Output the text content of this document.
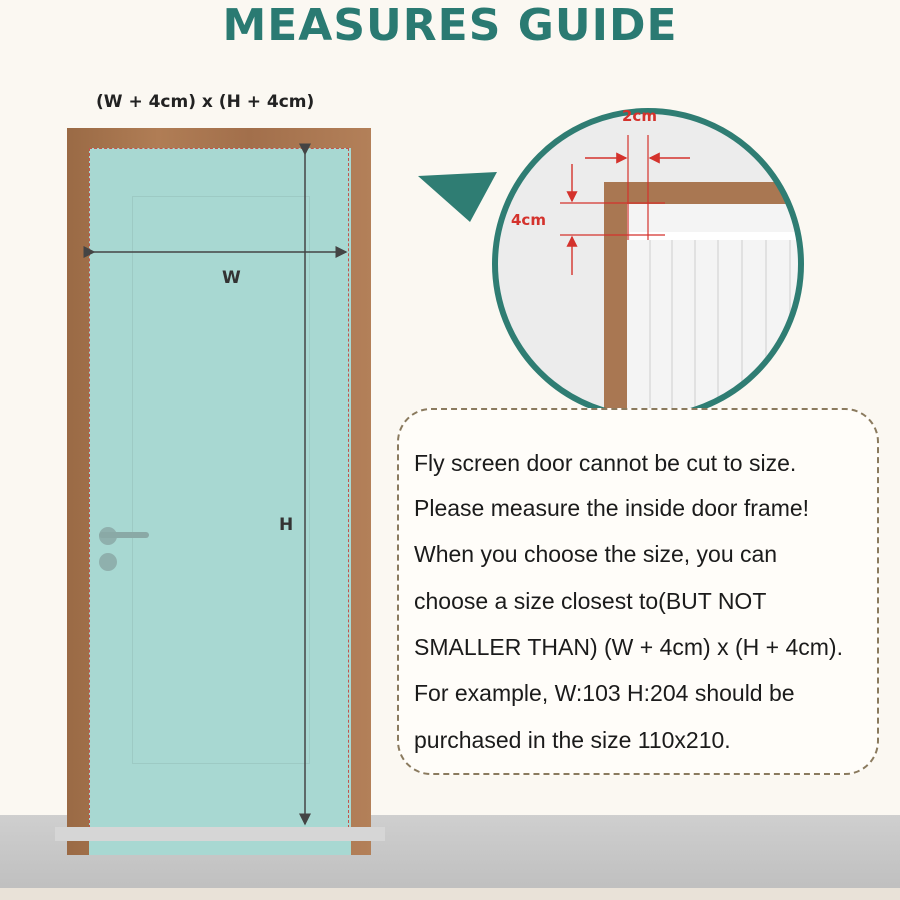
MEASURES GUIDE
(W + 4cm) x (H + 4cm)
2cm
4cm
W
H
Fly screen door cannot be cut to size.
Please measure the inside door frame!
When you choose the size, you can
choose a size closest to(BUT NOT
SMALLER THAN) (W + 4cm) x (H + 4cm).
For example, W:103 H:204 should be
purchased in the size 110x210.
